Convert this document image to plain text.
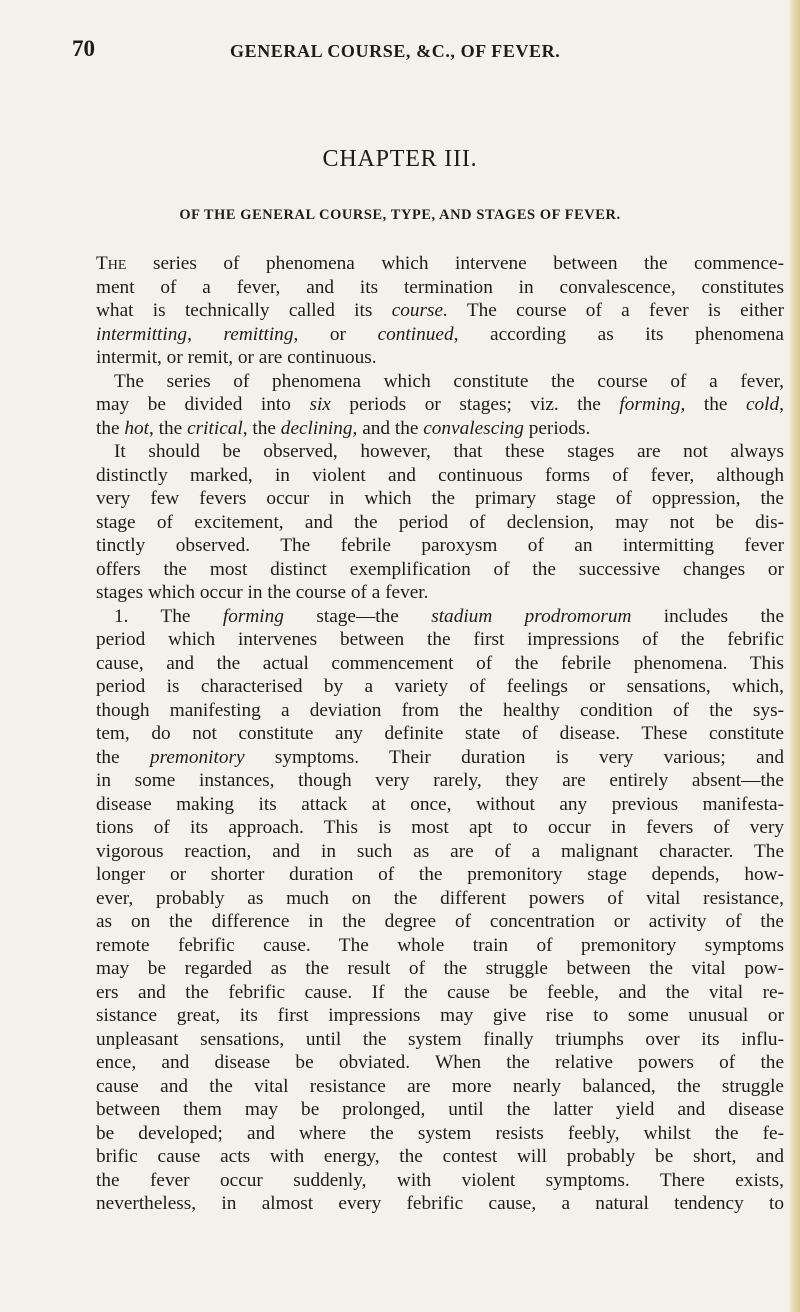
70	GENERAL COURSE, &C., OF FEVER.
CHAPTER III.
OF THE GENERAL COURSE, TYPE, AND STAGES OF FEVER.
The series of phenomena which intervene between the commence-
ment of a fever, and its termination in convalescence, constitutes
what is technically called its course. The course of a fever is either
intermitting, remitting, or continued, according as its phenomena
intermit, or remit, or are continuous.
The series of phenomena which constitute the course of a fever,
may be divided into six periods or stages; viz. the forming, the cold,
the hot, the critical, the declining, and the convalescing periods.
It should be observed, however, that these stages are not always
distinctly marked, in violent and continuous forms of fever, although
very few fevers occur in which the primary stage of oppression, the
stage of excitement, and the period of declension, may not be dis-
tinctly observed. The febrile paroxysm of an intermitting fever
offers the most distinct exemplification of the successive changes or
stages which occur in the course of a fever.
1. The forming stage—the stadium prodromorum includes the
period which intervenes between the first impressions of the febrific
cause, and the actual commencement of the febrile phenomena. This
period is characterised by a variety of feelings or sensations, which,
though manifesting a deviation from the healthy condition of the sys-
tem, do not constitute any definite state of disease. These constitute
the premonitory symptoms. Their duration is very various; and
in some instances, though very rarely, they are entirely absent—the
disease making its attack at once, without any previous manifesta-
tions of its approach. This is most apt to occur in fevers of very
vigorous reaction, and in such as are of a malignant character. The
longer or shorter duration of the premonitory stage depends, how-
ever, probably as much on the different powers of vital resistance,
as on the difference in the degree of concentration or activity of the
remote febrific cause. The whole train of premonitory symptoms
may be regarded as the result of the struggle between the vital pow-
ers and the febrific cause. If the cause be feeble, and the vital re-
sistance great, its first impressions may give rise to some unusual or
unpleasant sensations, until the system finally triumphs over its influ-
ence, and disease be obviated. When the relative powers of the
cause and the vital resistance are more nearly balanced, the struggle
between them may be prolonged, until the latter yield and disease
be developed; and where the system resists feebly, whilst the fe-
brific cause acts with energy, the contest will probably be short, and
the fever occur suddenly, with violent symptoms. There exists,
nevertheless, in almost every febrific cause, a natural tendency to
